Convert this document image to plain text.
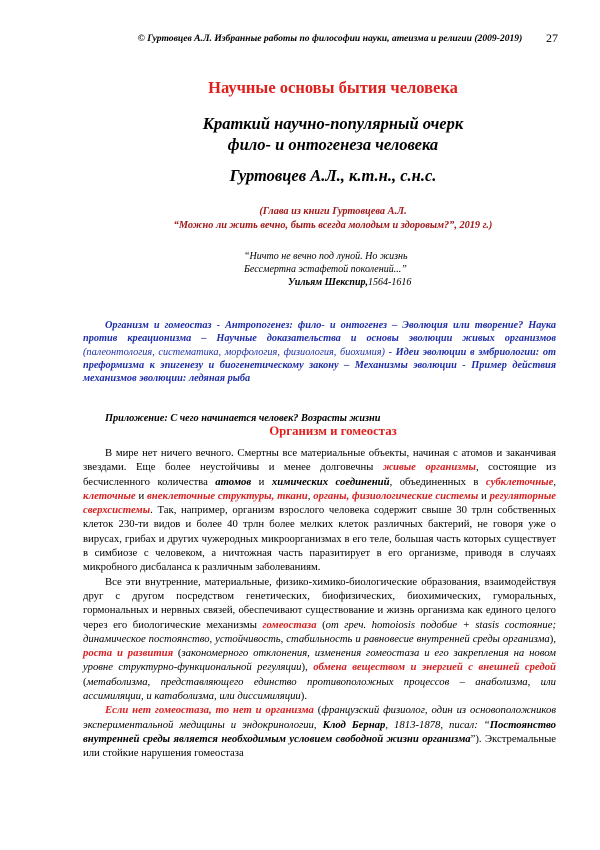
© Гуртовцев А.Л. Избранные работы по философии науки, атеизма и религии (2009-2019)	27
Научные основы бытия человека
Краткий научно-популярный очерк
фило- и онтогенеза человека
Гуртовцев А.Л., к.т.н., с.н.с.
(Глава из книги Гуртовцева А.Л.
“Можно ли жить вечно, быть всегда молодым и здоровым?”, 2019 г.)
“Ничто не вечно под луной. Но жизнь
Бессмертна эстафетой поколений...”
Уильям Шекспир,1564-1616
Организм и гомеостаз - Антропогенез: фило- и онтогенез – Эволюция или творение? Наука против креационизма – Научные доказательства и основы эволюции живых организмов (палеонтология, систематика, морфология, физиология, биохимия) - Идеи эволюции в эмбриологии: от преформизма к эпигенезу и биогенетическому закону – Механизмы эволюции - Пример действия механизмов эволюции: ледяная рыба
Приложение: С чего начинается человек? Возрасты жизни
Организм и гомеостаз

В мире нет ничего вечного. Смертны все материальные объекты, начиная с атомов и заканчивая звездами. Еще более неустойчивы и менее долговечны живые организмы, состоящие из бесчисленного количества атомов и химических соединений, объединенных в субклеточные, клеточные и внеклеточные структуры, ткани, органы, физиологические системы и регуляторные сверхсистемы. Так, например, организм взрослого человека содержит свыше 30 трлн собственных клеток 230-ти видов и более 40 трлн более мелких клеток различных бактерий, не говоря уже о вирусах, грибах и других чужеродных микроорганизмах в его теле, большая часть которых существует в симбиозе с человеком, а ничтожная часть паразитирует в его организме, приводя в случаях микробного дисбаланса к различным заболеваниям.

Все эти внутренние, материальные, физико-химико-биологические образования, взаимодействуя друг с другом посредством генетических, биофизических, биохимических, гуморальных, гормональных и нервных связей, обеспечивают существование и жизнь организма как единого целого через его биологические механизмы гомеостаза (от греч. homoiosis подобие + stasis состояние; динамическое постоянство, устойчивость, стабильность и равновесие внутренней среды организма), роста и развития (закономерного отклонения, изменения гомеостаза и его закрепления на новом уровне структурно-функциональной регуляции), обмена веществом и энергией с внешней средой (метаболизма, представляющего единство противоположных процессов – анаболизма, или ассимиляции, и катаболизма, или диссимиляции).

Если нет гомеостаза, то нет и организма (французский физиолог, один из основоположников экспериментальной медицины и эндокринологии, Клод Бернар, 1813-1878, писал: “Постоянство внутренней среды является необходимым условием свободной жизни организма”). Экстремальные или стойкие нарушения гомеостаза
